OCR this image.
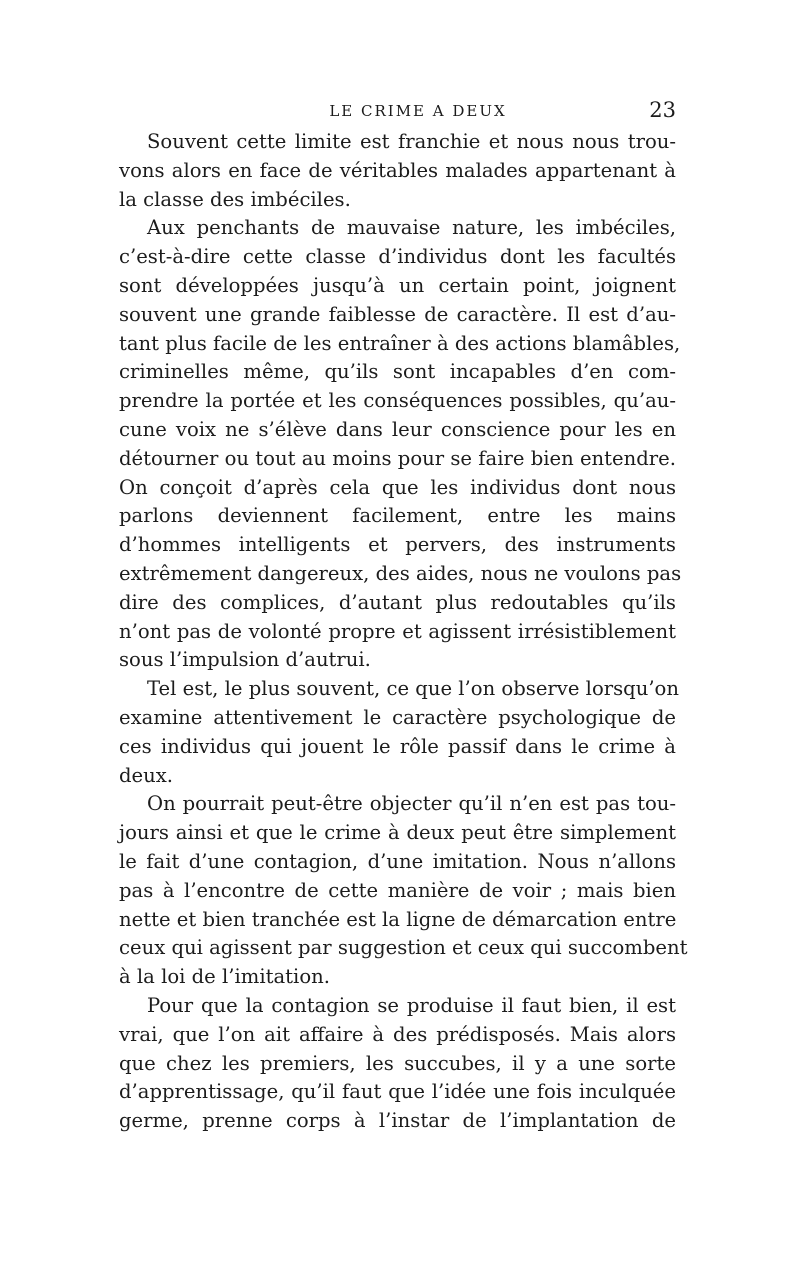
LE CRIME A DEUX	23

Souvent cette limite est franchie et nous nous trou-
vons alors en face de véritables malades appartenant à
la classe des imbéciles.

Aux penchants de mauvaise nature, les imbéciles,
c’est-à-dire cette classe d’individus dont les facultés
sont développées jusqu’à un certain point, joignent
souvent une grande faiblesse de caractère. Il est d’au-
tant plus facile de les entraîner à des actions blamâbles,
criminelles même, qu’ils sont incapables d’en com-
prendre la portée et les conséquences possibles, qu’au-
cune voix ne s’élève dans leur conscience pour les en
détourner ou tout au moins pour se faire bien entendre.
On conçoit d’après cela que les individus dont nous
parlons deviennent facilement, entre les mains
d’hommes intelligents et pervers, des instruments
extrêmement dangereux, des aides, nous ne voulons pas
dire des complices, d’autant plus redoutables qu’ils
n’ont pas de volonté propre et agissent irrésistiblement
sous l’impulsion d’autrui.

Tel est, le plus souvent, ce que l’on observe lorsqu’on
examine attentivement le caractère psychologique de
ces individus qui jouent le rôle passif dans le crime à
deux.

On pourrait peut-être objecter qu’il n’en est pas tou-
jours ainsi et que le crime à deux peut être simplement
le fait d’une contagion, d’une imitation. Nous n’allons
pas à l’encontre de cette manière de voir ; mais bien
nette et bien tranchée est la ligne de démarcation entre
ceux qui agissent par suggestion et ceux qui succombent
à la loi de l’imitation.

Pour que la contagion se produise il faut bien, il est
vrai, que l’on ait affaire à des prédisposés. Mais alors
que chez les premiers, les succubes, il y a une sorte
d’apprentissage, qu’il faut que l’idée une fois inculquée
germe, prenne corps à l’instar de l’implantation de
